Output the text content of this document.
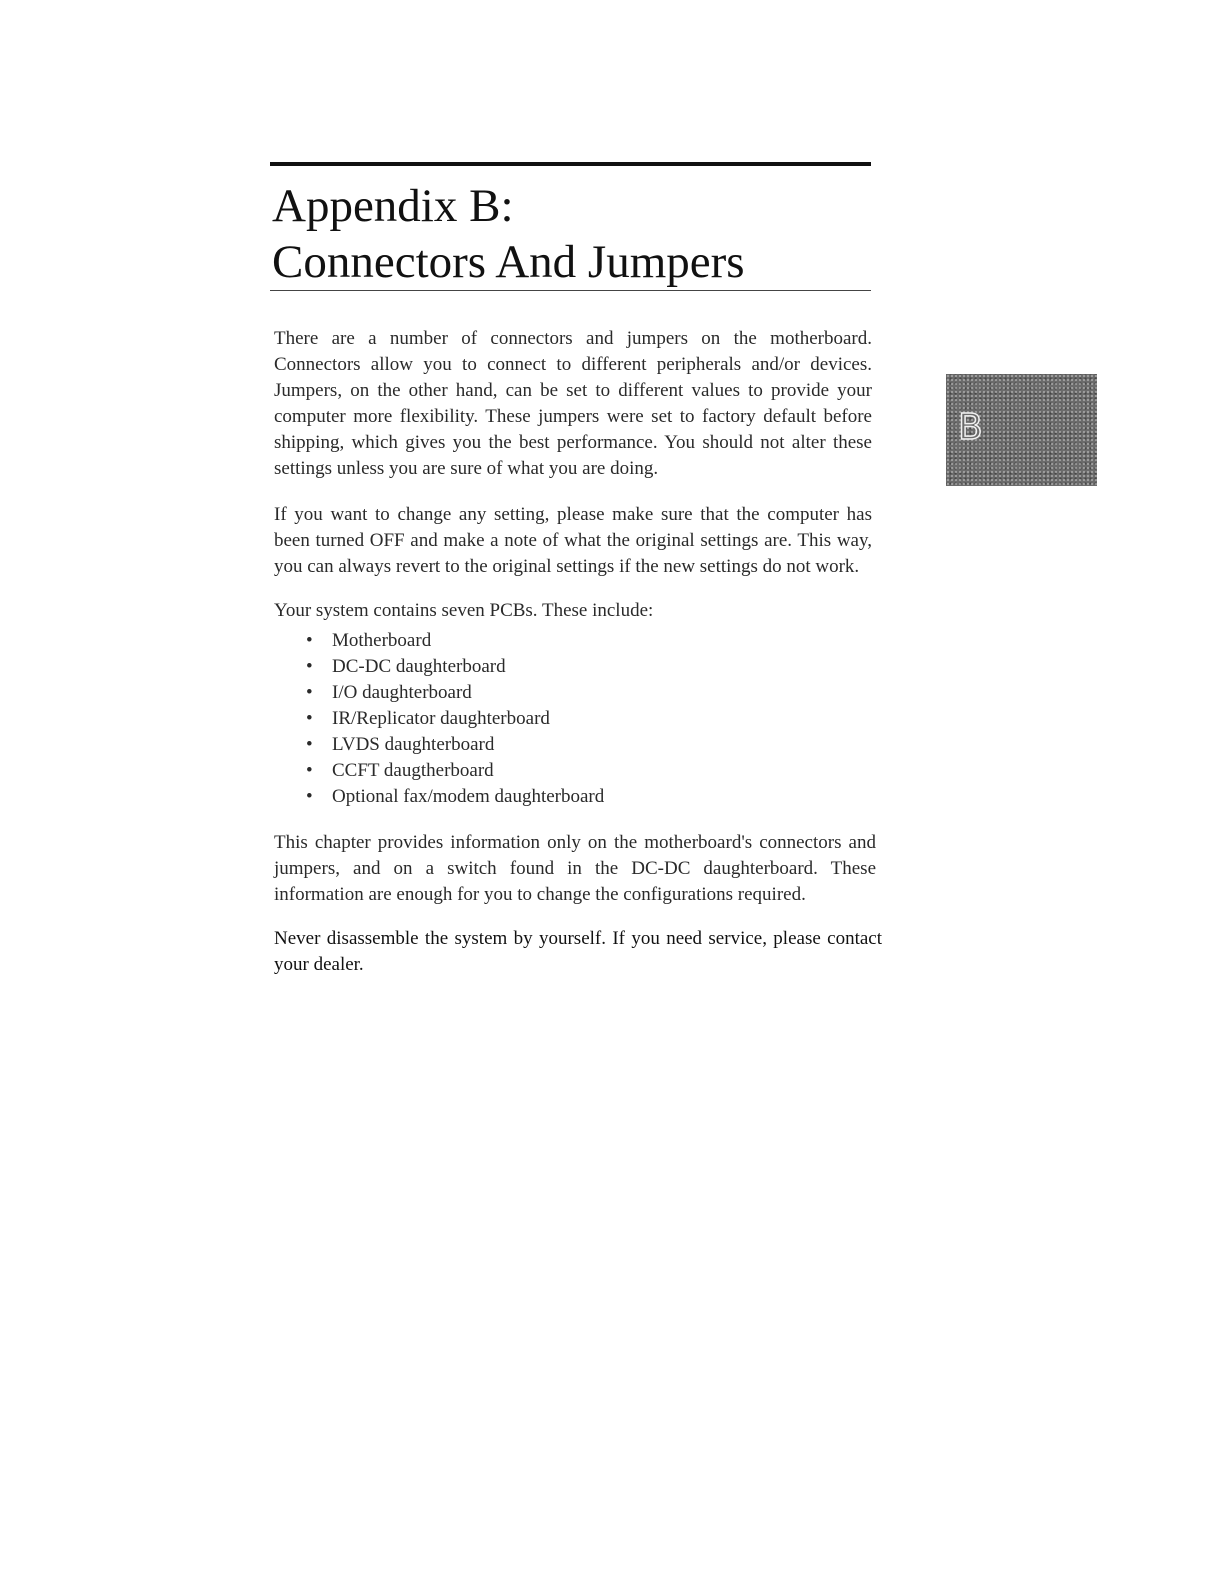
Appendix B:
Connectors And Jumpers

B

There are a number of connectors and jumpers on the motherboard. Connectors allow you to connect to different peripherals and/or devices. Jumpers, on the other hand, can be set to different values to provide your computer more flexibility. These jumpers were set to factory default before shipping, which gives you the best performance. You should not alter these settings unless you are sure of what you are doing.

If you want to change any setting, please make sure that the computer has been turned OFF and make a note of what the original settings are. This way, you can always revert to the original settings if the new settings do not work.

Your system contains seven PCBs. These include:

• Motherboard
• DC-DC daughterboard
• I/O daughterboard
• IR/Replicator daughterboard
• LVDS daughterboard
• CCFT daugtherboard
• Optional fax/modem daughterboard

This chapter provides information only on the motherboard's connectors and jumpers, and on a switch found in the DC-DC daughterboard. These information are enough for you to change the configurations required.

Never disassemble the system by yourself. If you need service, please contact your dealer.
